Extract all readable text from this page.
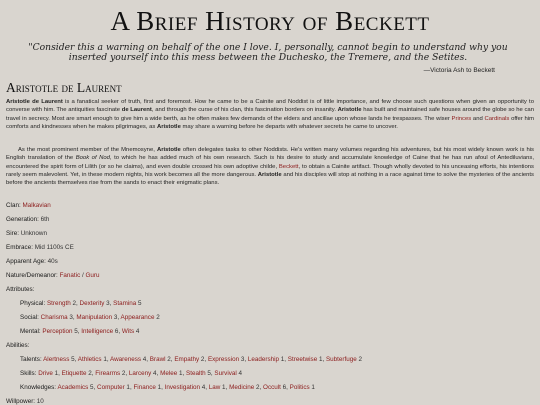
A Brief History of Beckett
"Consider this a warning on behalf of the one I love. I, personally, cannot begin to understand why you inserted yourself into this mess between the Duchesko, the Tremere, and the Setites.
—Victoria Ash to Beckett
Aristotle de Laurent
Aristotle de Laurent is a fanatical seeker of truth, first and foremost. How he came to be a Cainite and Noddist is of little importance, and few choose such questions when given an opportunity to converse with him. The antiquities fascinate de Laurent, and through the curse of his clan, this fascination borders on insanity. Aristotle has built and maintained safe houses around the globe so he can travel in secrecy. Most are smart enough to give him a wide berth, as he often makes few demands of the elders and ancillae upon whose lands he trespasses. The wiser Princes and Cardinals offer him comforts and kindnesses when he makes pilgrimages, as Aristotle may share a warning before he departs with whatever secrets he came to uncover.
As the most prominent member of the Mnemosyne, Aristotle often delegates tasks to other Noddists. He's written many volumes regarding his adventures, but his most widely known work is his English translation of the Book of Nod, to which he has added much of his own research. Such is his desire to study and accumulate knowledge of Caine that he has run afoul of Antediluvians, encountered the spirit form of Lilith (or so he claims), and even double crossed his own adoptive childe, Beckett, to obtain a Cainite artifact. Though wholly devoted to his unceasing efforts, his intentions rarely seem malevolent. Yet, in these modern nights, his work becomes all the more dangerous. Aristotle and his disciples will stop at nothing in a race against time to solve the mysteries of the ancients before the ancients themselves rise from the sands to enact their enigmatic plans.
Clan: Malkavian
Generation: 6th
Sire: Unknown
Embrace: Mid 1100s CE
Apparent Age: 40s
Nature/Demeanor: Fanatic / Guru
Attributes:
Physical: Strength 2, Dexterity 3, Stamina 5
Social: Charisma 3, Manipulation 3, Appearance 2
Mental: Perception 5, Intelligence 6, Wits 4
Abilities:
Talents: Alertness 5, Athletics 1, Awareness 4, Brawl 2, Empathy 2, Expression 3, Leadership 1, Streetwise 1, Subterfuge 2
Skills: Drive 1, Etiquette 2, Firearms 2, Larceny 4, Melee 1, Stealth 5, Survival 4
Knowledges: Academics 5, Computer 1, Finance 1, Investigation 4, Law 1, Medicine 2, Occult 6, Politics 1
Willpower: 10
